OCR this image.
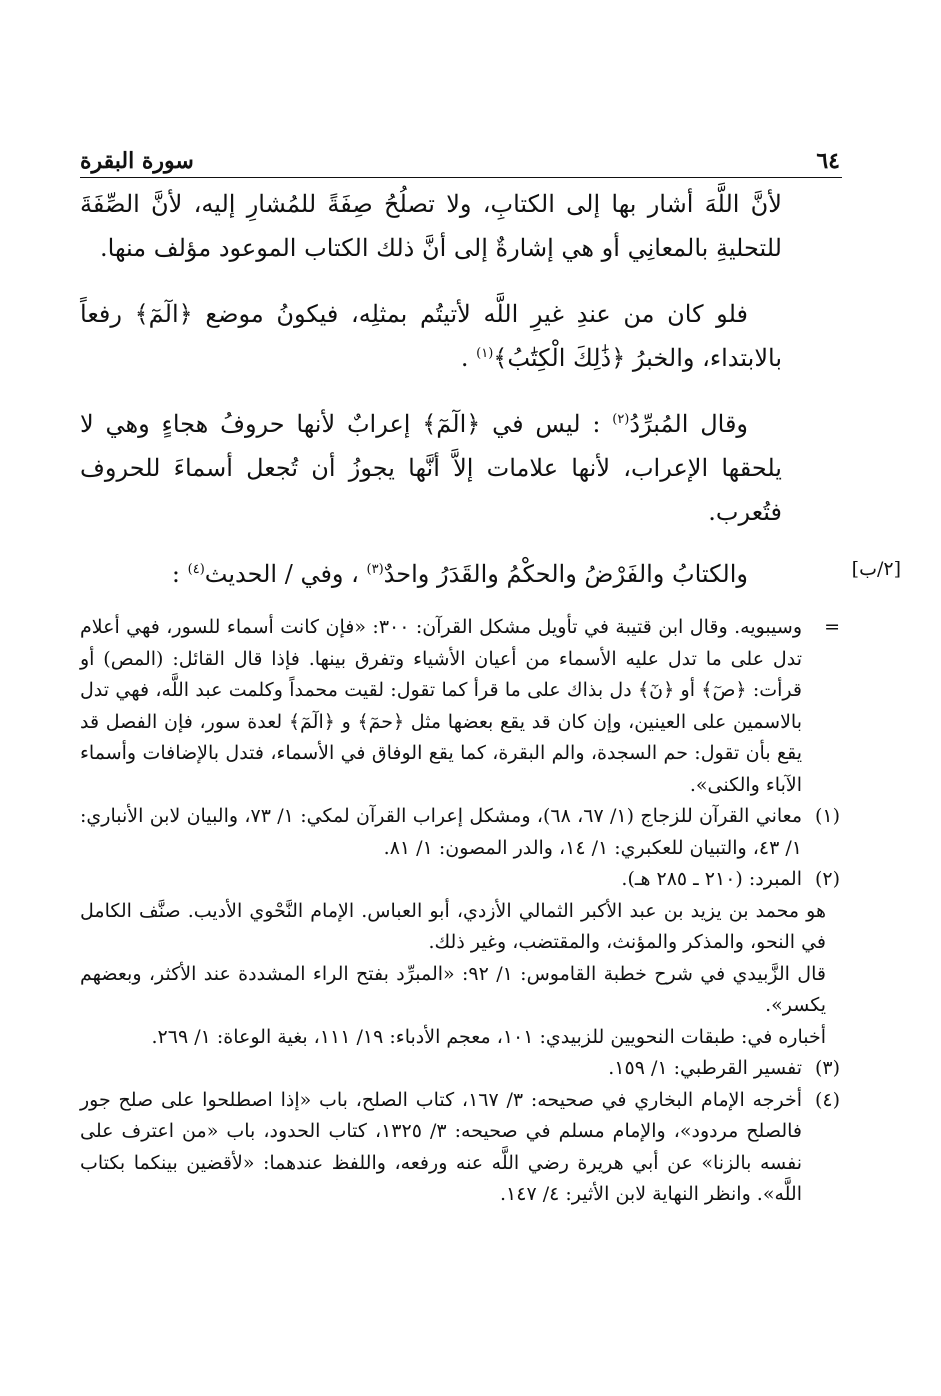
٦٤
سورة البقرة

لأنَّ اللَّهَ أشار بها إلى الكتابِ، ولا تصلُحُ صِفَةً للمُشارِ إليه، لأنَّ الصِّفَةَ للتحليةِ بالمعانِي أو هي إشارةٌ إلى أنَّ ذلك الكتاب الموعود مؤلف منها.

فلو كان من عندِ غيرِ اللَّه لأتيتُم بمثلِه، فيكونُ موضع ﴿الٓمٓ﴾ رفعاً بالابتداء، والخبرُ ﴿ذَٰلِكَ الْكِتَٰبُ﴾$^{(١)}$ .

وقال المُبرِّدُ$^{(٢)}$ : ليس في ﴿الٓمٓ﴾ إعرابٌ لأنها حروفُ هجاءٍ وهي لا يلحقها الإعراب، لأنها علامات إلاَّ أنَّها يجوزُ أن تُجعل أسماءَ للحروف فتُعرب.

والكتابُ والفَرْضُ والحكْمُ والقَدَرُ واحدٌ$^{(٣)}$ ، وفي / الحديث$^{(٤)}$ :	[٢/ب]
=

وسيبويه. وقال ابن قتيبة في تأويل مشكل القرآن: ٣٠٠: «فإن كانت أسماء للسور، فهي أعلام تدل على ما تدل عليه الأسماء من أعيان الأشياء وتفرق بينها. فإذا قال القائل: (المص) أو قرأت: ﴿صٓ﴾ أو ﴿نٓ﴾ دل بذاك على ما قرأ كما تقول: لقيت محمداً وكلمت عبد اللَّه، فهي تدل بالاسمين على العينين، وإن كان قد يقع بعضها مثل ﴿حمٓ﴾ و ﴿الٓمٓ﴾ لعدة سور، فإن الفصل قد يقع بأن تقول: حم السجدة، والم البقرة، كما يقع الوفاق في الأسماء، فتدل بالإضافات وأسماء الآباء والكنى».

(١)

معاني القرآن للزجاج (١/ ٦٧، ٦٨)، ومشكل إعراب القرآن لمكي: ١/ ٧٣، والبيان لابن الأنباري: ١/ ٤٣، والتبيان للعكبري: ١/ ١٤، والدر المصون: ١/ ٨١.

(٢)

المبرد: (٢١٠ ـ ٢٨٥ هـ).

هو محمد بن يزيد بن عبد الأكبر الثمالي الأزدي، أبو العباس. الإمام النَّحْوي الأديب. صنَّف الكامل في النحو، والمذكر والمؤنث، والمقتضب، وغير ذلك.

قال الزَّبيدي في شرح خطبة القاموس: ١/ ٩٢: «المبرِّد بفتح الراء المشددة عند الأكثر، وبعضهم يكسر».

أخباره في: طبقات النحويين للزبيدي: ١٠١، معجم الأدباء: ١٩/ ١١١، بغية الوعاة: ١/ ٢٦٩.

(٣)

تفسير القرطبي: ١/ ١٥٩.

(٤)

أخرجه الإمام البخاري في صحيحه: ٣/ ١٦٧، كتاب الصلح، باب «إذا اصطلحوا على صلح جور فالصلح مردود»، والإمام مسلم في صحيحه: ٣/ ١٣٢٥، كتاب الحدود، باب «من اعترف على نفسه بالزنا» عن أبي هريرة رضي اللَّه عنه ورفعه، واللفظ عندهما: «لأقضين بينكما بكتاب اللَّه». وانظر النهاية لابن الأثير: ٤/ ١٤٧.
